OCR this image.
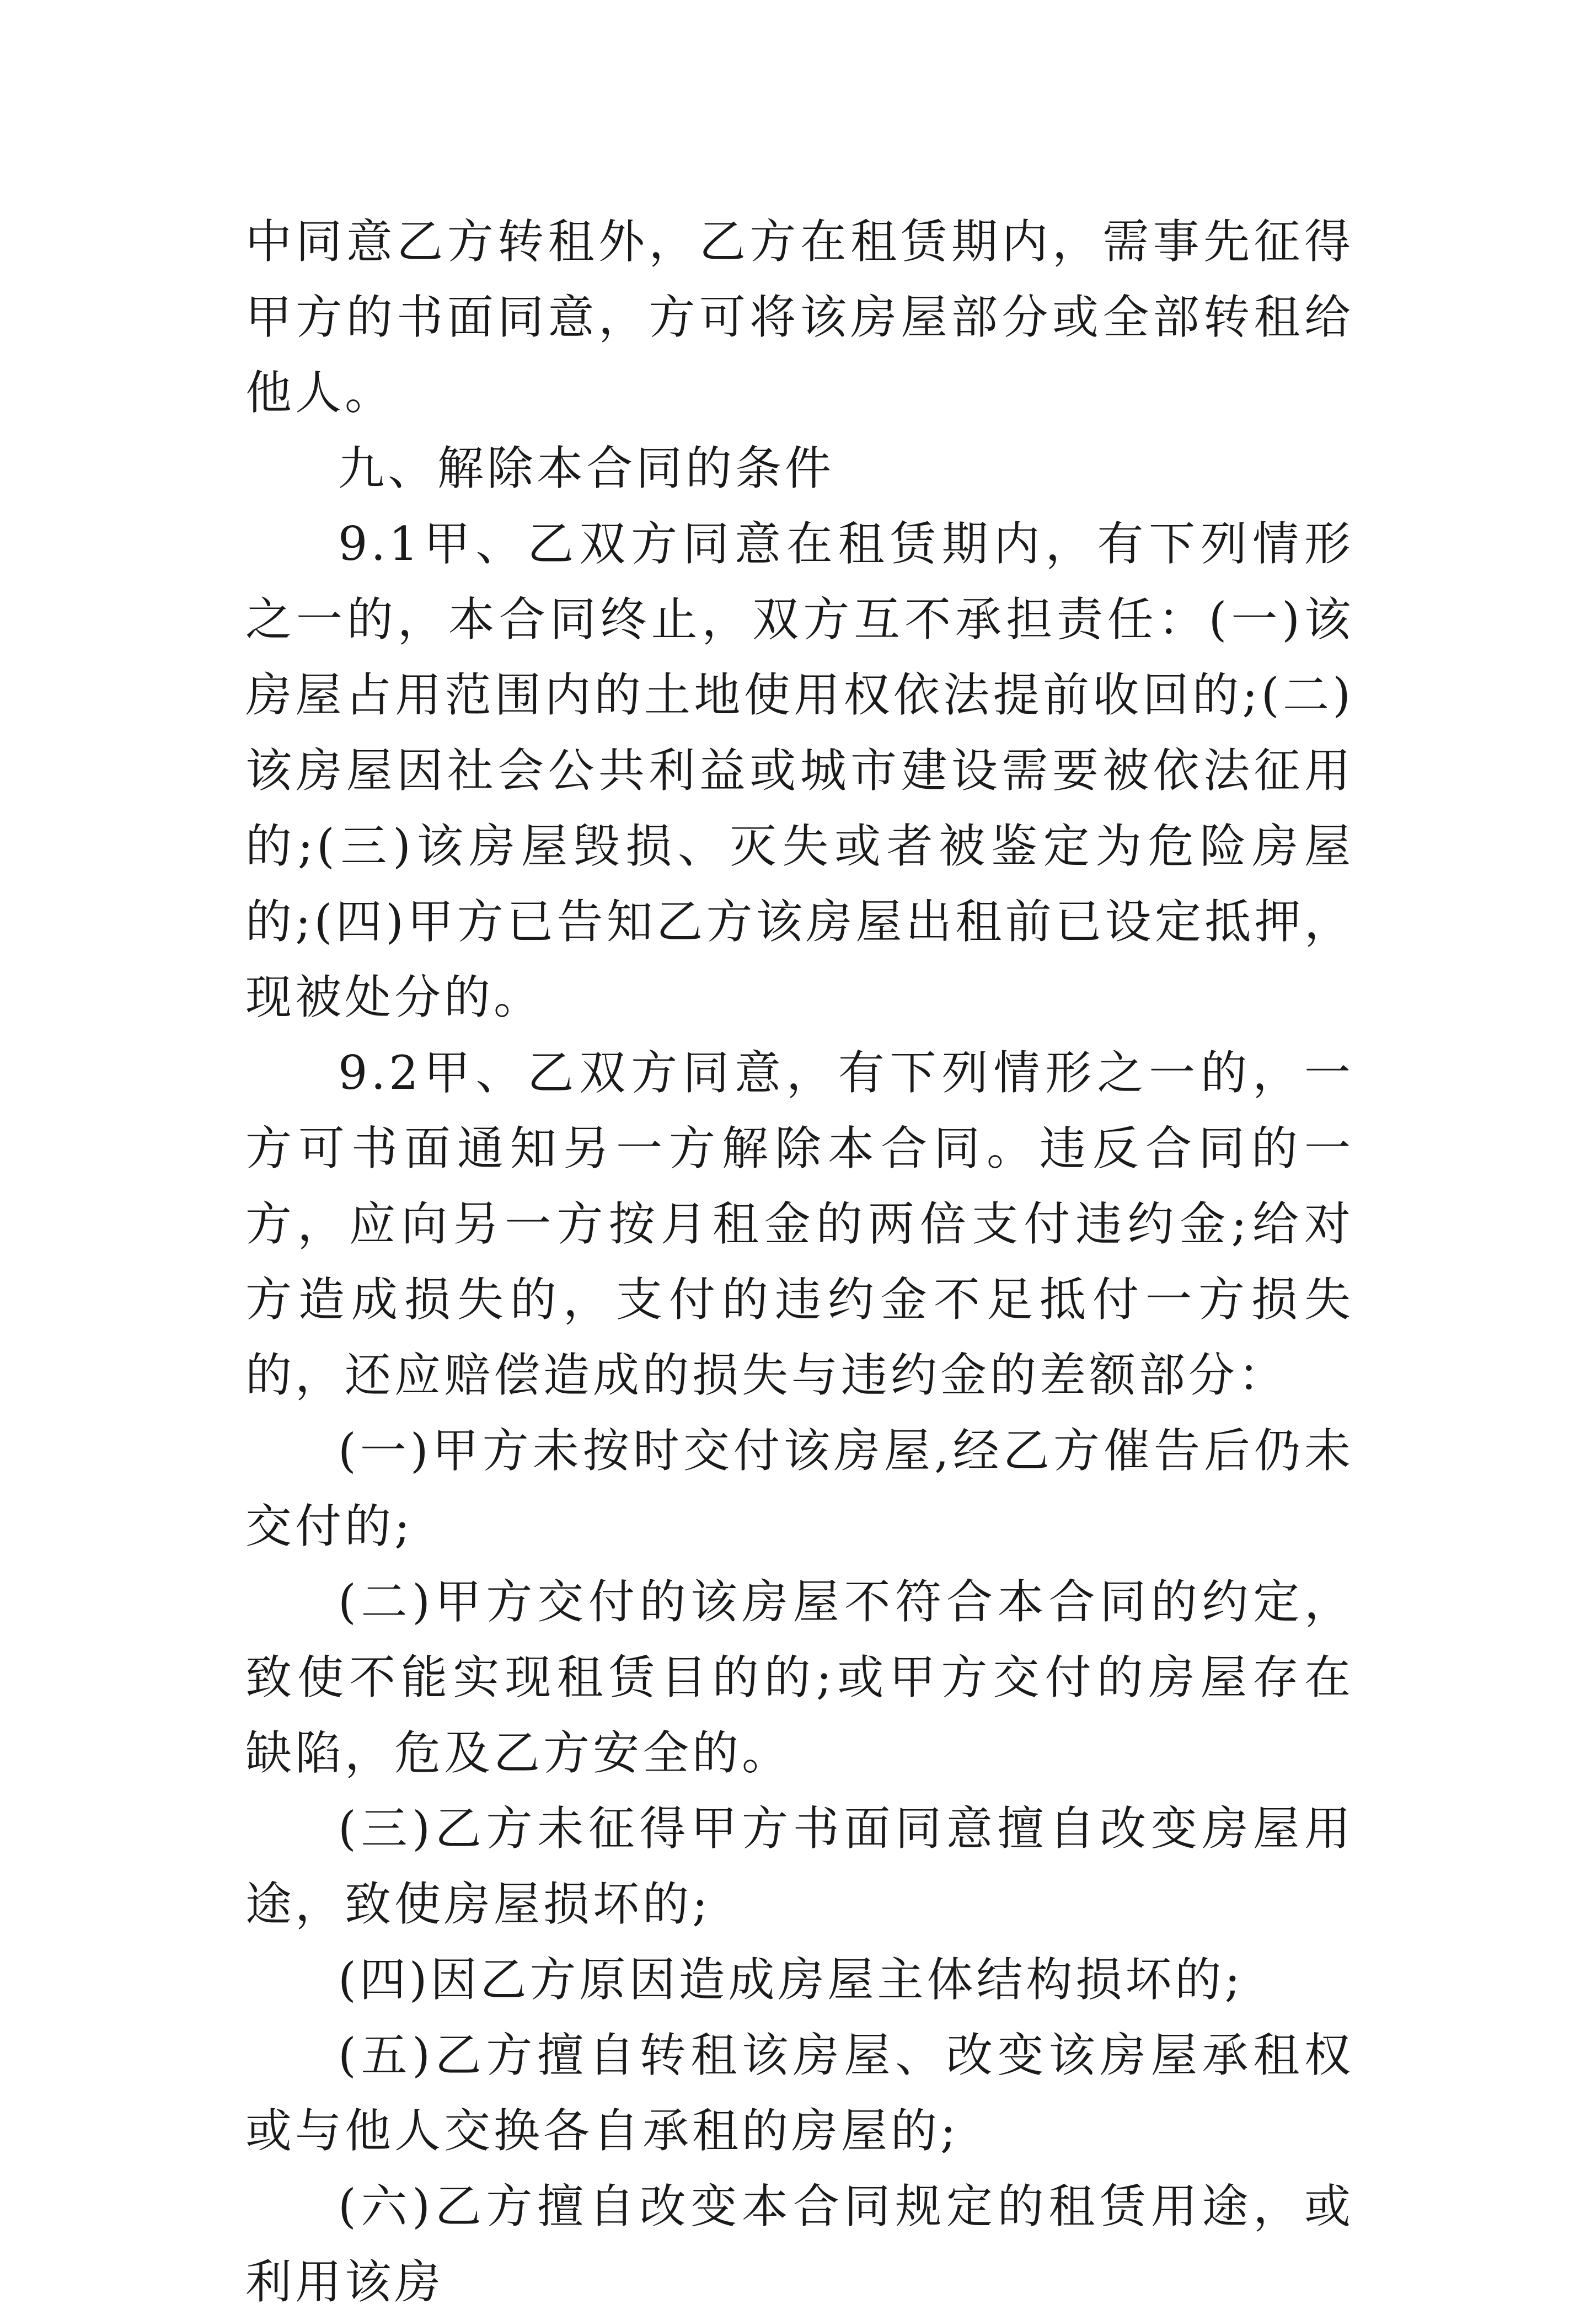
中同意乙方转租外，乙方在租赁期内，需事先征得甲方的书面同意，方可将该房屋部分或全部转租给他人。

九、解除本合同的条件

9.1甲、乙双方同意在租赁期内，有下列情形之一的，本合同终止，双方互不承担责任：(一)该房屋占用范围内的土地使用权依法提前收回的;(二)该房屋因社会公共利益或城市建设需要被依法征用的;(三)该房屋毁损、灭失或者被鉴定为危险房屋的;(四)甲方已告知乙方该房屋出租前已设定抵押，现被处分的。

9.2甲、乙双方同意，有下列情形之一的，一方可书面通知另一方解除本合同。违反合同的一方，应向另一方按月租金的两倍支付违约金;给对方造成损失的，支付的违约金不足抵付一方损失的，还应赔偿造成的损失与违约金的差额部分：

(一)甲方未按时交付该房屋,经乙方催告后仍未交付的;

(二)甲方交付的该房屋不符合本合同的约定，致使不能实现租赁目的的;或甲方交付的房屋存在缺陷，危及乙方安全的。

(三)乙方未征得甲方书面同意擅自改变房屋用途，致使房屋损坏的;

(四)因乙方原因造成房屋主体结构损坏的;

(五)乙方擅自转租该房屋、改变该房屋承租权或与他人交换各自承租的房屋的;

(六)乙方擅自改变本合同规定的租赁用途，或利用该房
